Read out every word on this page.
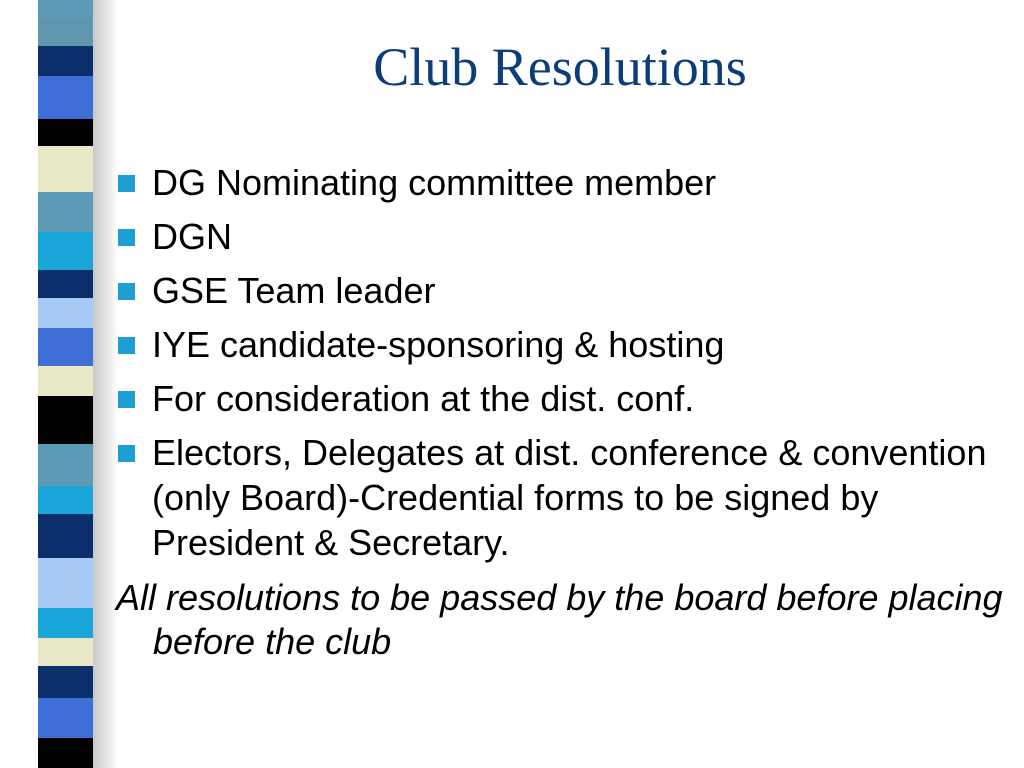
Club Resolutions
DG Nominating committee member
DGN
GSE Team leader
IYE candidate-sponsoring & hosting
For consideration at the dist. conf.
Electors, Delegates at dist. conference & convention (only Board)-Credential forms to be signed by President & Secretary.

All resolutions to be passed by the board before placing before the club
